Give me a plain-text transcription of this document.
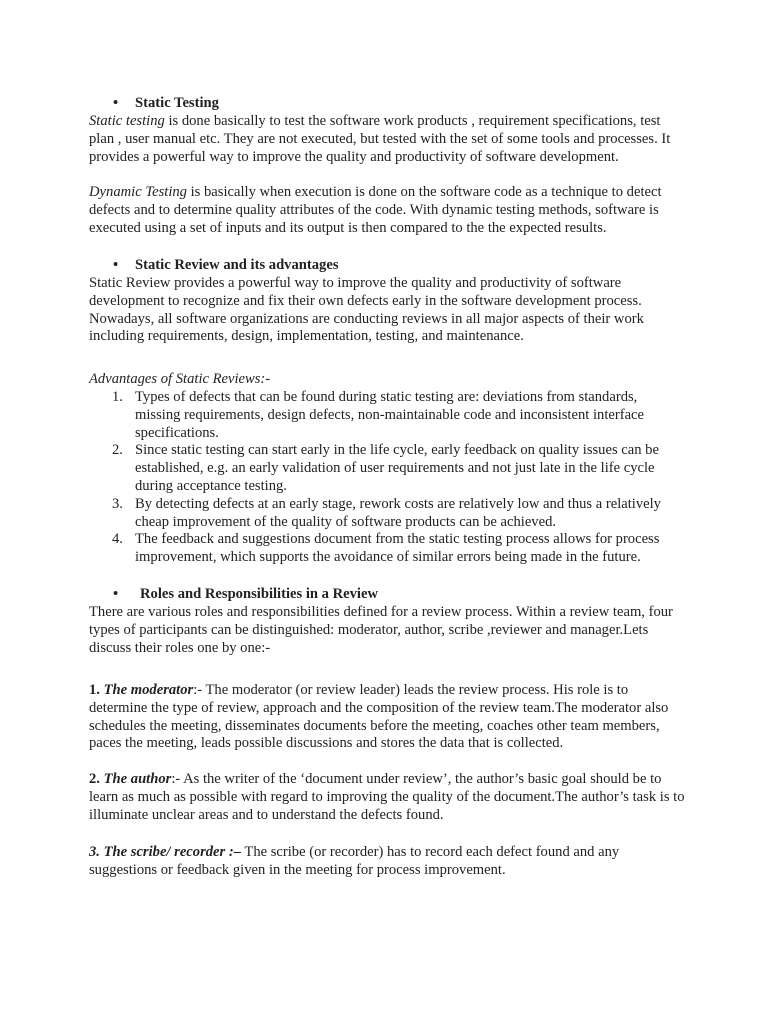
• Static Testing

Static testing is done basically to test the software work products , requirement specifications, test plan , user manual etc. They are not executed, but tested with the set of some tools and processes. It provides a powerful way to improve the quality and productivity of software development.

Dynamic Testing is basically when execution is done on the software code as a technique to detect defects and to determine quality attributes of the code. With dynamic testing methods, software is executed using a set of inputs and its output is then compared to the the expected results.

• Static Review and its advantages

Static Review provides a powerful way to improve the quality and productivity of software development to recognize and fix their own defects early in the software development process. Nowadays, all software organizations are conducting reviews in all major aspects of their work including requirements, design, implementation, testing, and maintenance.

Advantages of Static Reviews:-

1. Types of defects that can be found during static testing are: deviations from standards, missing requirements, design defects, non-maintainable code and inconsistent interface specifications.
2. Since static testing can start early in the life cycle, early feedback on quality issues can be established, e.g. an early validation of user requirements and not just late in the life cycle during acceptance testing.
3. By detecting defects at an early stage, rework costs are relatively low and thus a relatively cheap improvement of the quality of software products can be achieved.
4. The feedback and suggestions document from the static testing process allows for process improvement, which supports the avoidance of similar errors being made in the future.
• Roles and Responsibilities in a Review

There are various roles and responsibilities defined for a review process. Within a review team, four types of participants can be distinguished: moderator, author, scribe ,reviewer and manager.Lets discuss their roles one by one:-

1. The moderator:- The moderator (or review leader) leads the review process. His role is to determine the type of review, approach and the composition of the review team.The moderator also schedules the meeting, disseminates documents before the meeting, coaches other team members, paces the meeting, leads possible discussions and stores the data that is collected.

2. The author:- As the writer of the ‘document under review’, the author’s basic goal should be to learn as much as possible with regard to improving the quality of the document.The author’s task is to illuminate unclear areas and to understand the defects found.

3. The scribe/ recorder :– The scribe (or recorder) has to record each defect found and any suggestions or feedback given in the meeting for process improvement.
